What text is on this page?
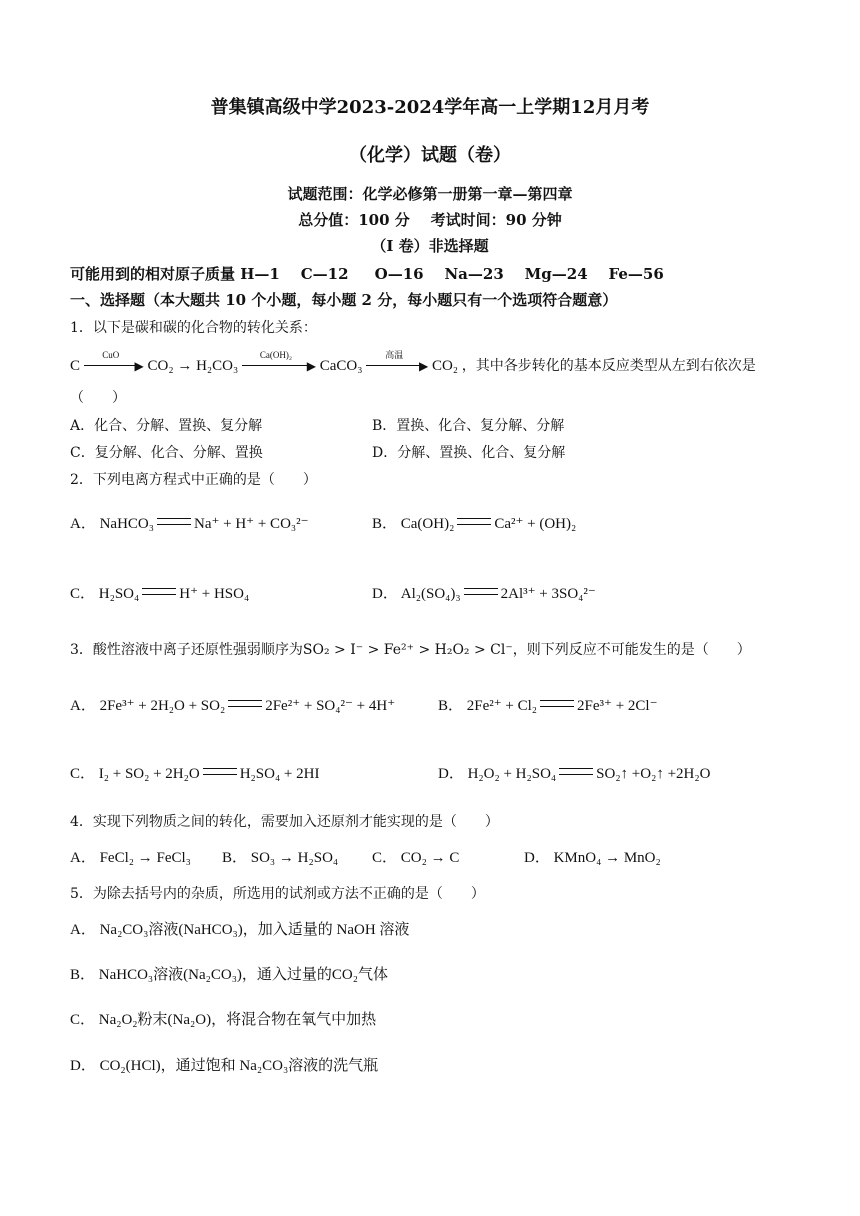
普集镇高级中学2023-2024学年高一上学期12月月考
（化学）试题（卷）
试题范围：化学必修第一册第一章—第四章
总分值：100 分    考试时间：90 分钟
（I 卷）非选择题
可能用到的相对原子质量 H—1    C—12     O—16    Na—23    Mg—24    Fe—56
一、选择题（本大题共 10 个小题，每小题 2 分，每小题只有一个选项符合题意）
1．以下是碳和碳的化合物的转化关系：
C
CuO
▶ CO₂ → H₂CO₃
Ca(OH)₂
▶ CaCO₃
高温
▶ CO₂ ，其中各步转化的基本反应类型从左到右依次是
（　　）
A．化合、分解、置换、复分解	B．置换、化合、复分解、分解
C．复分解、化合、分解、置换	D．分解、置换、化合、复分解
2．下列电离方程式中正确的是（　　）
A． NaHCO₃	Na⁺ + H⁺ + CO₃²⁻	B． Ca(OH)₂	Ca²⁺ + (OH)₂
C． H₂SO₄	H⁺ + HSO₄	D． Al₂(SO₄)₃	2Al³⁺ + 3SO₄²⁻
3．酸性溶液中离子还原性强弱顺序为SO₂ > I⁻ > Fe²⁺ > H₂O₂ > Cl⁻，则下列反应不可能发生的是（　　）
A． 2Fe³⁺ + 2H₂O + SO₂	2Fe²⁺ + SO₄²⁻ + 4H⁺	B． 2Fe²⁺ + Cl₂	2Fe³⁺ + 2Cl⁻
C． I₂ + SO₂ + 2H₂O	H₂SO₄ + 2HI	D． H₂O₂ + H₂SO₄	SO₂↑ +O₂↑ +2H₂O
4．实现下列物质之间的转化，需要加入还原剂才能实现的是（　　）
A． FeCl₂ → FeCl₃ B． SO₃ → H₂SO₄ C． CO₂ → C	D． KMnO₄ → MnO₂
5．为除去括号内的杂质，所选用的试剂或方法不正确的是（　　）
A． Na₂CO₃溶液(NaHCO₃)，加入适量的 NaOH 溶液
B． NaHCO₃溶液(Na₂CO₃)，通入过量的CO₂气体
C． Na₂O₂粉末(Na₂O)，将混合物在氧气中加热
D． CO₂(HCl)，通过饱和 Na₂CO₃溶液的洗气瓶
